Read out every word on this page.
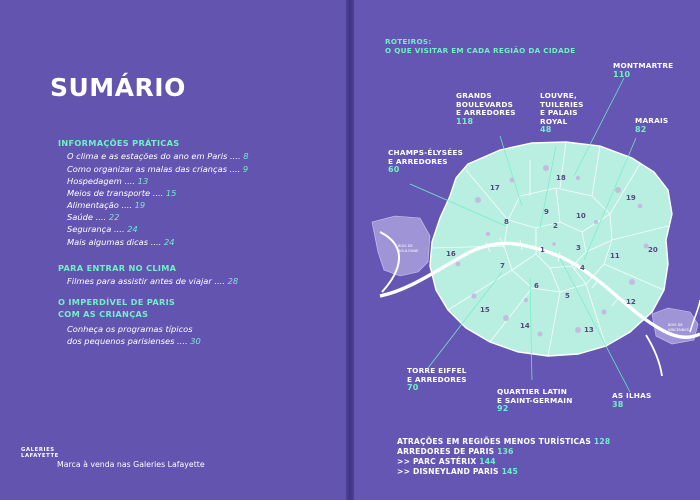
SUMÁRIO
INFORMAÇÕES PRÁTICAS
O clima e as estações do ano em Paris .... 8
Como organizar as malas das crianças .... 9
Hospedagem .... 13
Meios de transporte .... 15
Alimentação .... 19
Saúde .... 22
Segurança .... 24
Mais algumas dicas .... 24
PARA ENTRAR NO CLIMA
Filmes para assistir antes de viajar .... 28
O IMPERDÍVEL DE PARIS
COM AS CRIANÇAS
Conheça os programas típicos
dos pequenos parisienses .... 30
GALERIES
LAFAYETTE
Marca à venda nas Galeries Lafayette
ROTEIROS:
O QUE VISITAR EM CADA REGIÃO DA CIDADE
1
2
3
4
5
6
7
8
9	10
11
12
13
14
15
16
17
18
19
20
BOIS DE
BOULOGNE
BOIS DE
VINCENNES
MONTMARTRE
110
LOUVRE,
TUILERIES
E PALAIS
ROYAL
48
GRANDS
BOULEVARDS
E ARREDORES
118	MARAIS
82
CHAMPS-ÉLYSÉES
E ARREDORES
60
TORRE EIFFEL
E ARREDORES
70	QUARTIER LATIN
E SAINT-GERMAIN
92
AS ILHAS
38
ATRAÇÕES EM REGIÕES MENOS TURÍSTICAS 128
ARREDORES DE PARIS 136
>> PARC ASTÉRIX 144
>> DISNEYLAND PARIS 145
